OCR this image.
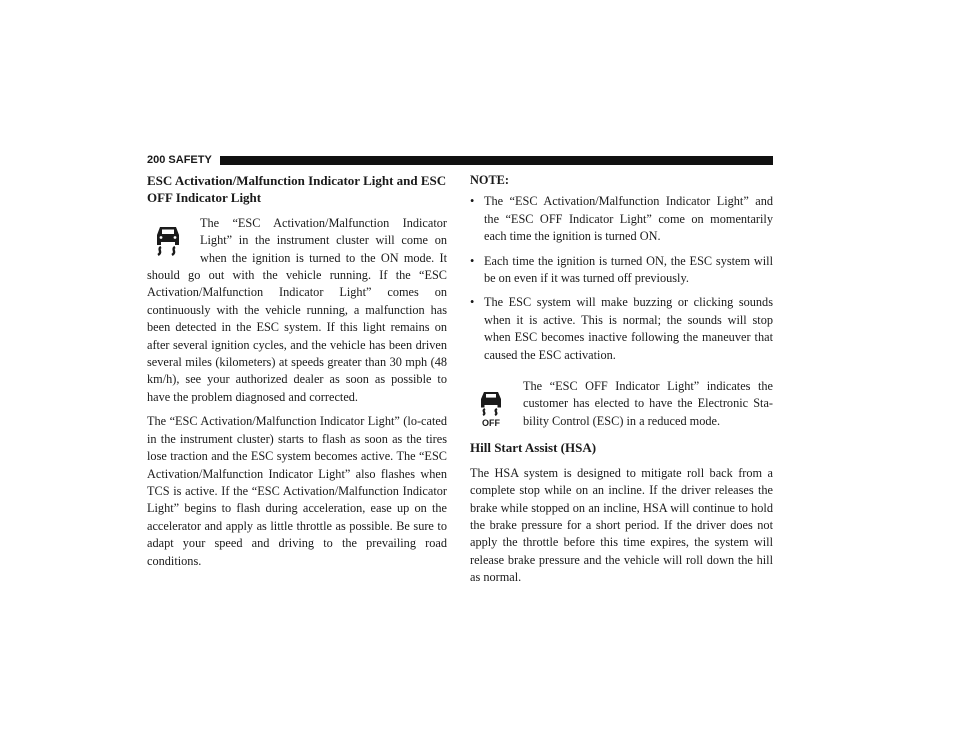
200 SAFETY
ESC Activation/Malfunction Indicator Light and ESC OFF Indicator Light

The “ESC Activation/Malfunction Indicator Light” in the instrument cluster will come on when the ignition is turned to the ON mode. It should go out with the vehicle running. If the “ESC Activation/Malfunction Indicator Light” comes on continuously with the vehicle running, a malfunction has been detected in the ESC system. If this light remains on after several ignition cycles, and the vehicle has been driven several miles (kilometers) at speeds greater than 30 mph (48 km/h), see your authorized dealer as soon as possible to have the problem diagnosed and corrected.

The “ESC Activation/Malfunction Indicator Light” (lo-cated in the instrument cluster) starts to flash as soon as the tires lose traction and the ESC system becomes active. The “ESC Activation/Malfunction Indicator Light” also flashes when TCS is active. If the “ESC Activation/Malfunction Indicator Light” begins to flash during acceleration, ease up on the accelerator and apply as little throttle as possible. Be sure to adapt your speed and driving to the prevailing road conditions.

NOTE:
• The “ESC Activation/Malfunction Indicator Light” and the “ESC OFF Indicator Light” come on momentarily each time the ignition is turned ON.
• Each time the ignition is turned ON, the ESC system will be on even if it was turned off previously.
• The ESC system will make buzzing or clicking sounds when it is active. This is normal; the sounds will stop when ESC becomes inactive following the maneuver that caused the ESC activation.
OFF

The “ESC OFF Indicator Light” indicates the customer has elected to have the Electronic Sta-bility Control (ESC) in a reduced mode.

Hill Start Assist (HSA)

The HSA system is designed to mitigate roll back from a complete stop while on an incline. If the driver releases the brake while stopped on an incline, HSA will continue to hold the brake pressure for a short period. If the driver does not apply the throttle before this time expires, the system will release brake pressure and the vehicle will roll down the hill as normal.
